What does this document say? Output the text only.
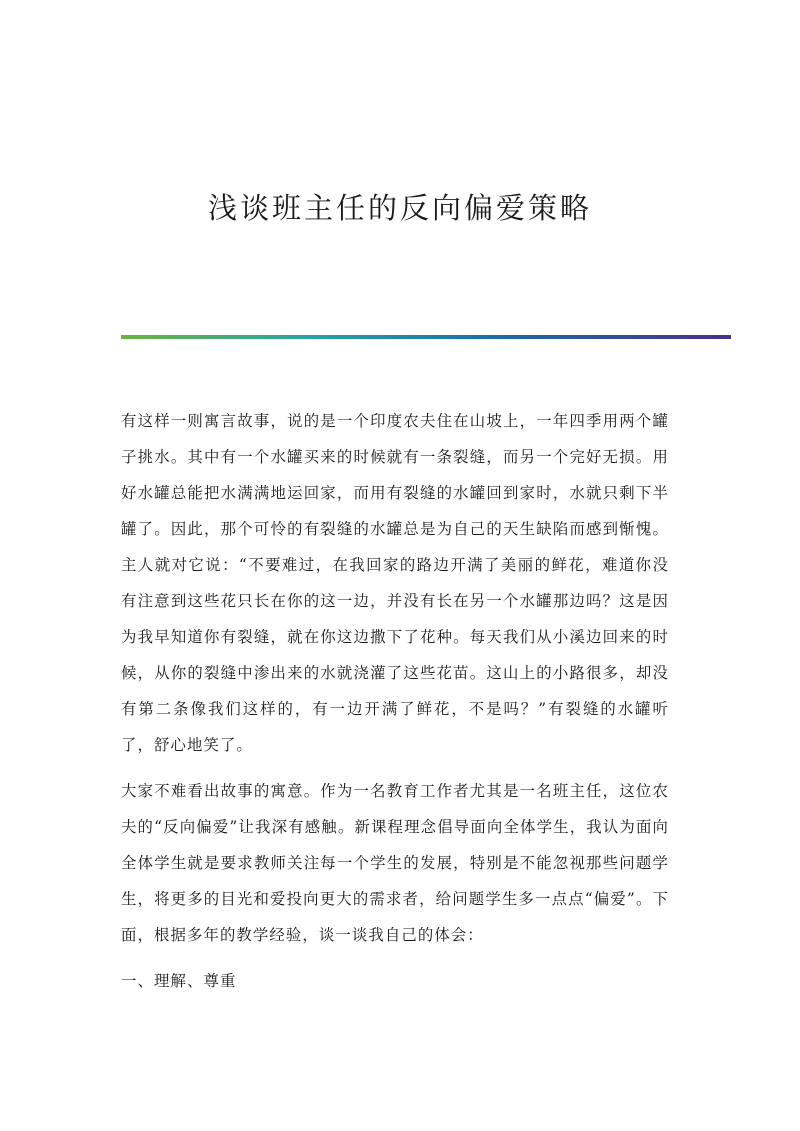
浅谈班主任的反向偏爱策略

有这样一则寓言故事，说的是一个印度农夫住在山坡上，一年四季用两个罐子挑水。其中有一个水罐买来的时候就有一条裂缝，而另一个完好无损。用好水罐总能把水满满地运回家，而用有裂缝的水罐回到家时，水就只剩下半罐了。因此，那个可怜的有裂缝的水罐总是为自己的天生缺陷而感到惭愧。主人就对它说：“不要难过，在我回家的路边开满了美丽的鲜花，难道你没有注意到这些花只长在你的这一边，并没有长在另一个水罐那边吗？这是因为我早知道你有裂缝，就在你这边撒下了花种。每天我们从小溪边回来的时候，从你的裂缝中渗出来的水就浇灌了这些花苗。这山上的小路很多，却没有第二条像我们这样的，有一边开满了鲜花，不是吗？”有裂缝的水罐听了，舒心地笑了。

大家不难看出故事的寓意。作为一名教育工作者尤其是一名班主任，这位农夫的“反向偏爱”让我深有感触。新课程理念倡导面向全体学生，我认为面向全体学生就是要求教师关注每一个学生的发展，特别是不能忽视那些问题学生，将更多的目光和爱投向更大的需求者，给问题学生多一点点“偏爱”。下面，根据多年的教学经验，谈一谈我自己的体会：

一、理解、尊重
